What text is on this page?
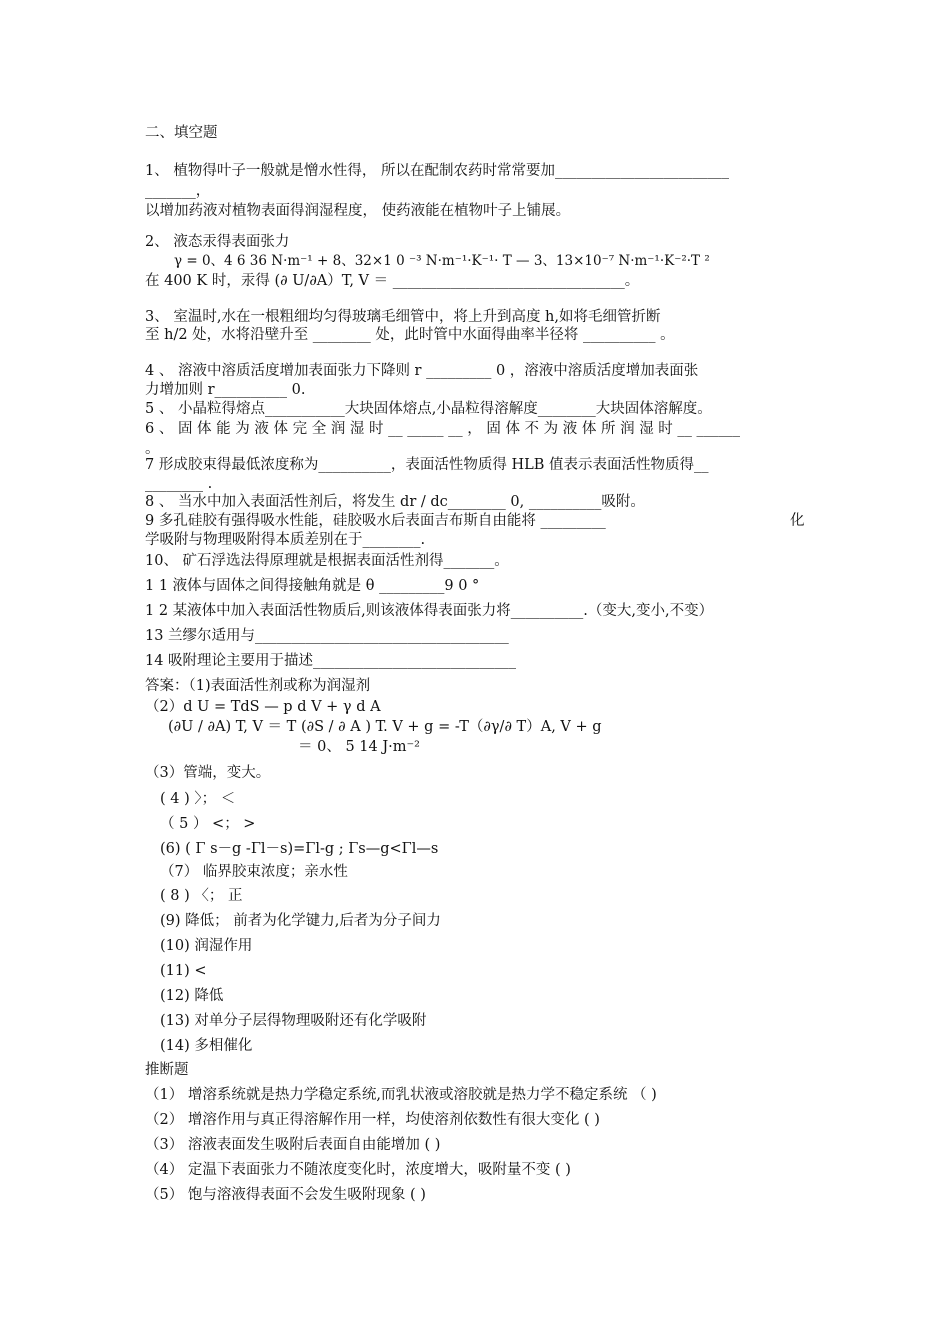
二、填空题
1、 植物得叶子一般就是憎水性得， 所以在配制农药时常常要加________________________
_______，
以增加药液对植物表面得润湿程度， 使药液能在植物叶子上铺展。
2、 液态汞得表面张力
γ = 0、4 6 36 N·m⁻¹ + 8、32×1 0 ⁻³ N·m⁻¹·K⁻¹· T — 3、13×10⁻⁷ N·m⁻¹·K⁻²·T ²
在 400 K 时，汞得 (∂ U/∂A）T, V ＝ ________________________________。
3、 室温时,水在一根粗细均匀得玻璃毛细管中，将上升到高度 h,如将毛细管折断
至 h/2 处，水将沿壁升至 ________ 处，此时管中水面得曲率半径将 __________ 。
4 、 溶液中溶质活度增加表面张力下降则 r _________ 0 ，溶液中溶质活度增加表面张
力增加则 r__________ 0.
5 、 小晶粒得熔点___________大块固体熔点,小晶粒得溶解度________大块固体溶解度。
6 、 固 体 能 为 液 体 完 全 润 湿 时 __ _____ __ ， 固 体 不 为 液 体 所 润 湿 时 __ ______
。
7 形成胶束得最低浓度称为__________，表面活性物质得 HLB 值表示表面活性物质得__
________ .
8 、 当水中加入表面活性剂后，将发生 dr / dc________ 0, __________吸附。
9 多孔硅胶有强得吸水性能，硅胶吸水后表面吉布斯自由能将 _________	化
学吸附与物理吸附得本质差别在于________.
10、 矿石浮选法得原理就是根据表面活性剂得_______。
1 1 液体与固体之间得接触角就是 θ _________9 0 °
1 2 某液体中加入表面活性物质后,则该液体得表面张力将__________.（变大,变小,不变）
13 兰缪尔适用与___________________________________
14 吸附理论主要用于描述____________________________
答案：（1)表面活性剂或称为润湿剂
（2）d U = TdS — p d V + γ d A
(∂U / ∂A) T, V ＝ T (∂S / ∂ A ) T. V + g = -T（∂γ/∂ T）A, V + g
＝ 0、 5 14 J·m⁻²
（3）管端，变大。
( 4 ) 〉； ＜
（ 5 ） <； >
(6) ( Γ s－g -Γl－s)=Γl-g ; Γs—g<Γl—s
（7） 临界胶束浓度；亲水性
( 8 ) 〈； 正
(9) 降低； 前者为化学键力,后者为分子间力
(10) 润湿作用
(11) <
(12) 降低
(13) 对单分子层得物理吸附还有化学吸附
(14) 多相催化
推断题
（1） 增溶系统就是热力学稳定系统,而乳状液或溶胶就是热力学不稳定系统 （ )
（2） 增溶作用与真正得溶解作用一样，均使溶剂依数性有很大变化 ( )
（3） 溶液表面发生吸附后表面自由能增加 ( )
（4） 定温下表面张力不随浓度变化时，浓度增大，吸附量不变 ( )
（5） 饱与溶液得表面不会发生吸附现象 ( )
